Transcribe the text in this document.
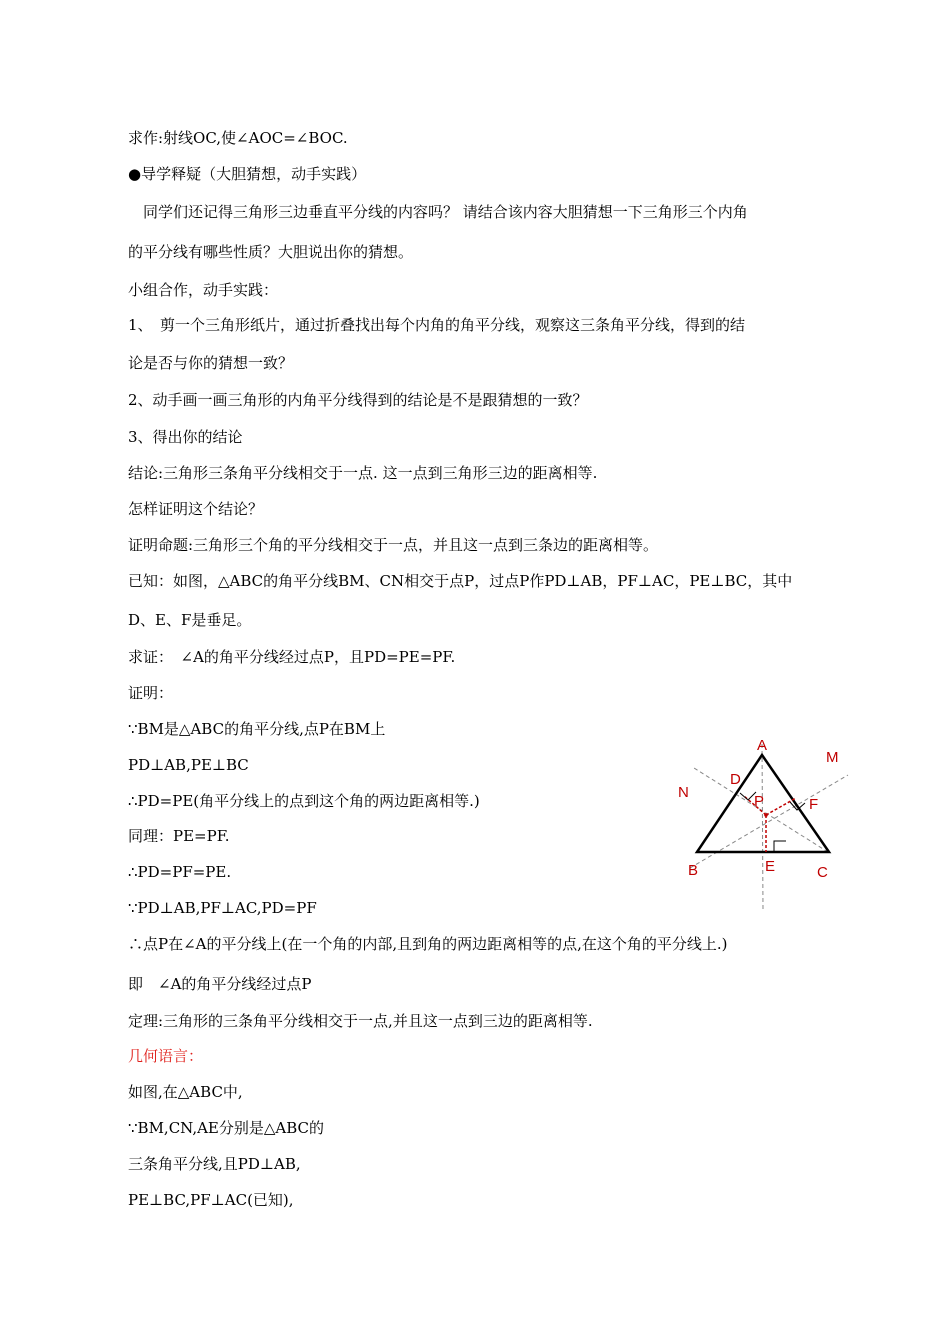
求作:射线OC,使∠AOC=∠BOC.
●导学释疑（大胆猜想，动手实践）
　同学们还记得三角形三边垂直平分线的内容吗？ 请结合该内容大胆猜想一下三角形三个内角
的平分线有哪些性质？大胆说出你的猜想。
小组合作，动手实践：
1、　剪一个三角形纸片，通过折叠找出每个内角的角平分线，观察这三条角平分线，得到的结
论是否与你的猜想一致？
2、动手画一画三角形的内角平分线得到的结论是不是跟猜想的一致？
3、得出你的结论
结论:三角形三条角平分线相交于一点. 这一点到三角形三边的距离相等.
怎样证明这个结论？
证明命题:三角形三个角的平分线相交于一点，并且这一点到三条边的距离相等。
已知：如图，△ABC的角平分线BM、CN相交于点P，过点P作PD⊥AB，PF⊥AC，PE⊥BC，其中
D、E、F是垂足。
求证：　∠A的角平分线经过点P，且PD=PE=PF.
证明：
∵BM是△ABC的角平分线,点P在BM上
PD⊥AB,PE⊥BC
∴PD=PE(角平分线上的点到这个角的两边距离相等.)
同理：PE=PF.
∴PD=PF=PE.
∵PD⊥AB,PF⊥AC,PD=PF
∴点P在∠A的平分线上(在一个角的内部,且到角的两边距离相等的点,在这个角的平分线上.)
即　∠A的角平分线经过点P
定理:三角形的三条角平分线相交于一点,并且这一点到三边的距离相等.
几何语言：
如图,在△ABC中,
∵BM,CN,AE分别是△ABC的
三条角平分线,且PD⊥AB,
PE⊥BC,PF⊥AC(已知),
A
M
D
N
P	F
B	E	C
